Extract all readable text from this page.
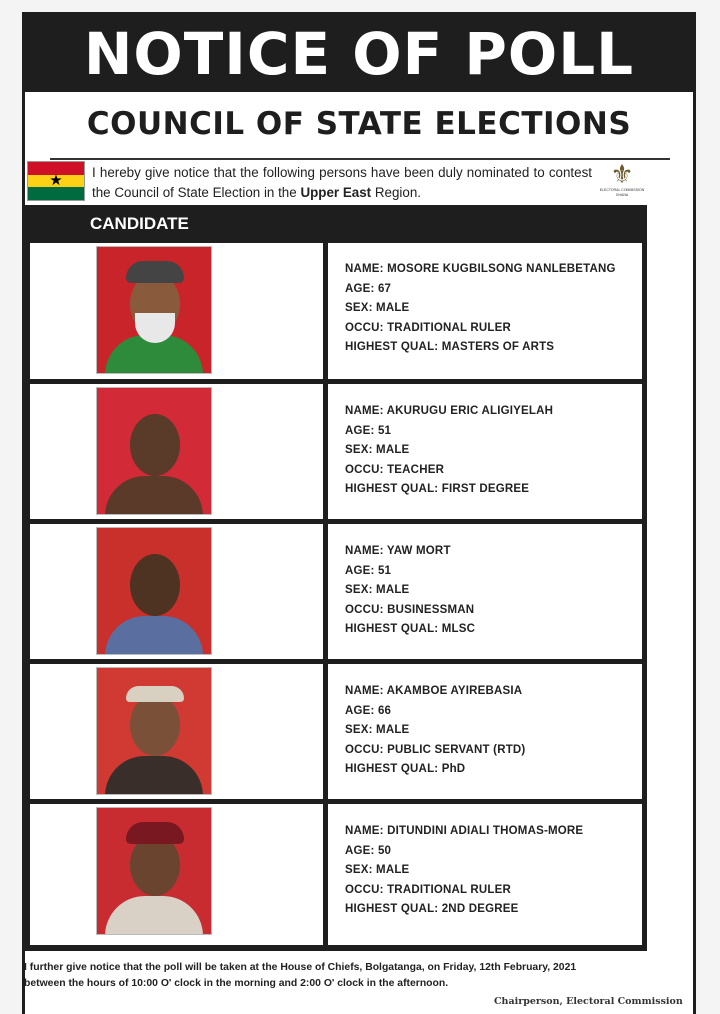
NOTICE OF POLL
COUNCIL OF STATE ELECTIONS
★	I hereby give notice that the following persons have been duly nominated to contest the Council of State Election in the Upper East Region.
⚜
ELECTORAL COMMISSION GHANA
CANDIDATE
NAME: MOSORE KUGBILSONG NANLEBETANG
AGE: 67
SEX: MALE
OCCU: TRADITIONAL RULER
HIGHEST QUAL: MASTERS OF ARTS
NAME: AKURUGU ERIC ALIGIYELAH
AGE: 51
SEX: MALE
OCCU: TEACHER
HIGHEST QUAL: FIRST DEGREE
NAME: YAW MORT
AGE: 51
SEX: MALE
OCCU: BUSINESSMAN
HIGHEST QUAL: MLSC
NAME: AKAMBOE AYIREBASIA
AGE: 66
SEX: MALE
OCCU: PUBLIC SERVANT (RTD)
HIGHEST QUAL: PhD
NAME: DITUNDINI ADIALI THOMAS-MORE
AGE: 50
SEX: MALE
OCCU: TRADITIONAL RULER
HIGHEST QUAL: 2ND DEGREE
I further give notice that the poll will be taken at the House of Chiefs, Bolgatanga, on Friday, 12th February, 2021
between the hours of 10:00 O' clock in the morning and 2:00 O' clock in the afternoon.
Chairperson, Electoral Commission
